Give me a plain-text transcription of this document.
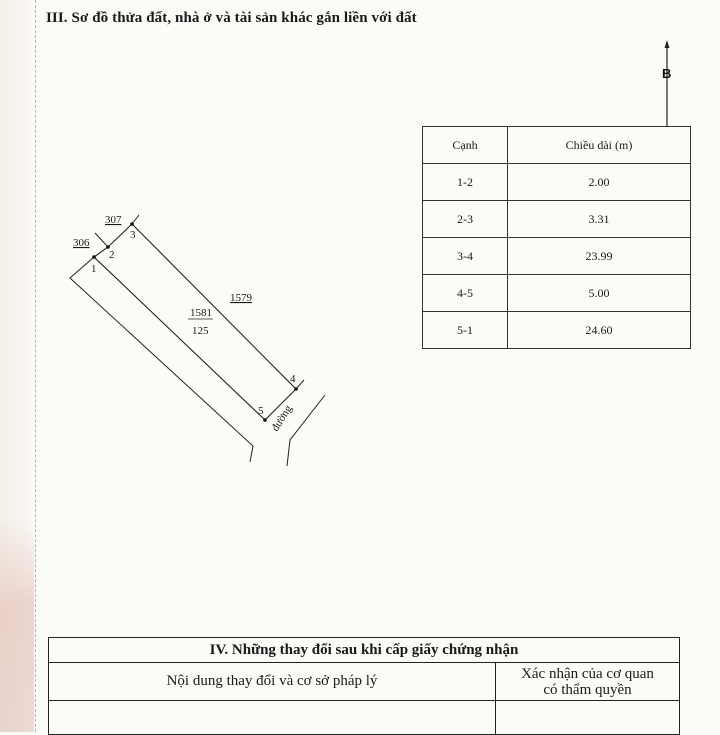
III. Sơ đồ thửa đất, nhà ở và tài sản khác gắn liền với đất
B
1
2
3
4
5
306
307
1579
1581
125
đường
Cạnh	Chiều dài (m)
1-2	2.00
2-3	3.31
3-4	23.99
4-5	5.00
5-1	24.60
IV. Những thay đổi sau khi cấp giấy chứng nhận	
Nội dung thay đổi và cơ sở pháp lý	Xác nhận của cơ quan
có thẩm quyền
